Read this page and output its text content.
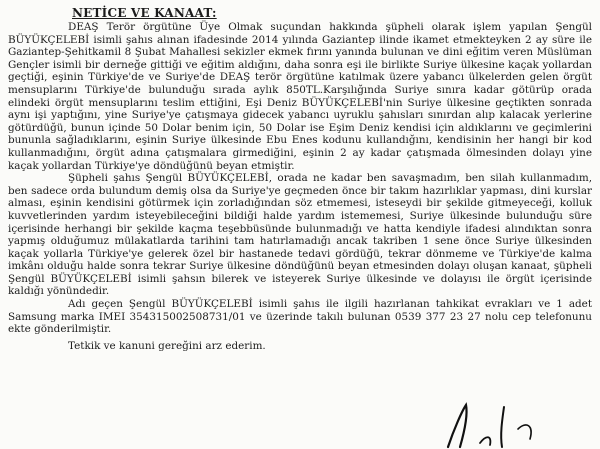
NETİCE VE KANAAT:

DEAŞ Terör örgütüne Üye Olmak suçundan hakkında şüpheli olarak işlem yapılan Şengül BÜYÜKÇELEBİ isimli şahıs alınan ifadesinde 2014 yılında Gaziantep ilinde ikamet etmekteyken 2 ay süre ile Gaziantep-Şehitkamil 8 Şubat Mahallesi sekizler ekmek fırını yanında bulunan ve dini eğitim veren Müslüman Gençler isimli bir derneğe gittiği ve eğitim aldığını, daha sonra eşi ile birlikte Suriye ülkesine kaçak yollardan geçtiği, eşinin Türkiye'de ve Suriye'de DEAŞ terör örgütüne katılmak üzere yabancı ülkelerden gelen örgüt mensuplarını Türkiye'de bulunduğu sırada aylık 850TL.Karşılığında Suriye sınıra kadar götürüp orada elindeki örgüt mensuplarını teslim ettiğini, Eşi Deniz BÜYÜKÇELEBİ'nin Suriye ülkesine geçtikten sonrada aynı işi yaptığını, yine Suriye'ye çatışmaya gidecek yabancı uyruklu şahısları sınırdan alıp kalacak yerlerine götürdüğü, bunun içinde 50 Dolar benim için, 50 Dolar ise Eşim Deniz kendisi için aldıklarını ve geçimlerini bununla sağladıklarını, eşinin Suriye ülkesinde Ebu Enes kodunu kullandığını, kendisinin her hangi bir kod kullanmadığını, örgüt adına çatışmalara girmediğini, eşinin 2 ay kadar çatışmada ölmesinden dolayı yine kaçak yollardan Türkiye'ye döndüğünü beyan etmiştir.

Şüpheli şahıs Şengül BÜYÜKÇELEBİ, orada ne kadar ben savaşmadım, ben silah kullanmadım, ben sadece orda bulundum demiş olsa da Suriye'ye geçmeden önce bir takım hazırlıklar yapması, dini kurslar alması, eşinin kendisini götürmek için zorladığından söz etmemesi, isteseydi bir şekilde gitmeyeceği, kolluk kuvvetlerinden yardım isteyebileceğini bildiği halde yardım istememesi, Suriye ülkesinde bulunduğu süre içerisinde herhangi bir şekilde kaçma teşebbüsünde bulunmadığı ve hatta kendiyle ifadesi alındıktan sonra yapmış olduğumuz mülakatlarda tarihini tam hatırlamadığı ancak takriben 1 sene önce Suriye ülkesinden kaçak yollarla Türkiye'ye gelerek özel bir hastanede tedavi gördüğü, tekrar dönmeme ve Türkiye'de kalma imkânı olduğu halde sonra tekrar Suriye ülkesine döndüğünü beyan etmesinden dolayı oluşan kanaat, şüpheli Şengül BÜYÜKÇELEBİ isimli şahsın bilerek ve isteyerek Suriye ülkesinde ve dolayısı ile örgüt içerisinde kaldığı yönündedir.

Adı geçen Şengül BÜYÜKÇELEBİ isimli şahıs ile ilgili hazırlanan tahkikat evrakları ve 1 adet Samsung marka IMEI 354315002508731/01 ve üzerinde takılı bulunan 0539 377 23 27 nolu cep telefonunu ekte gönderilmiştir.

Tetkik ve kanuni gereğini arz ederim.
